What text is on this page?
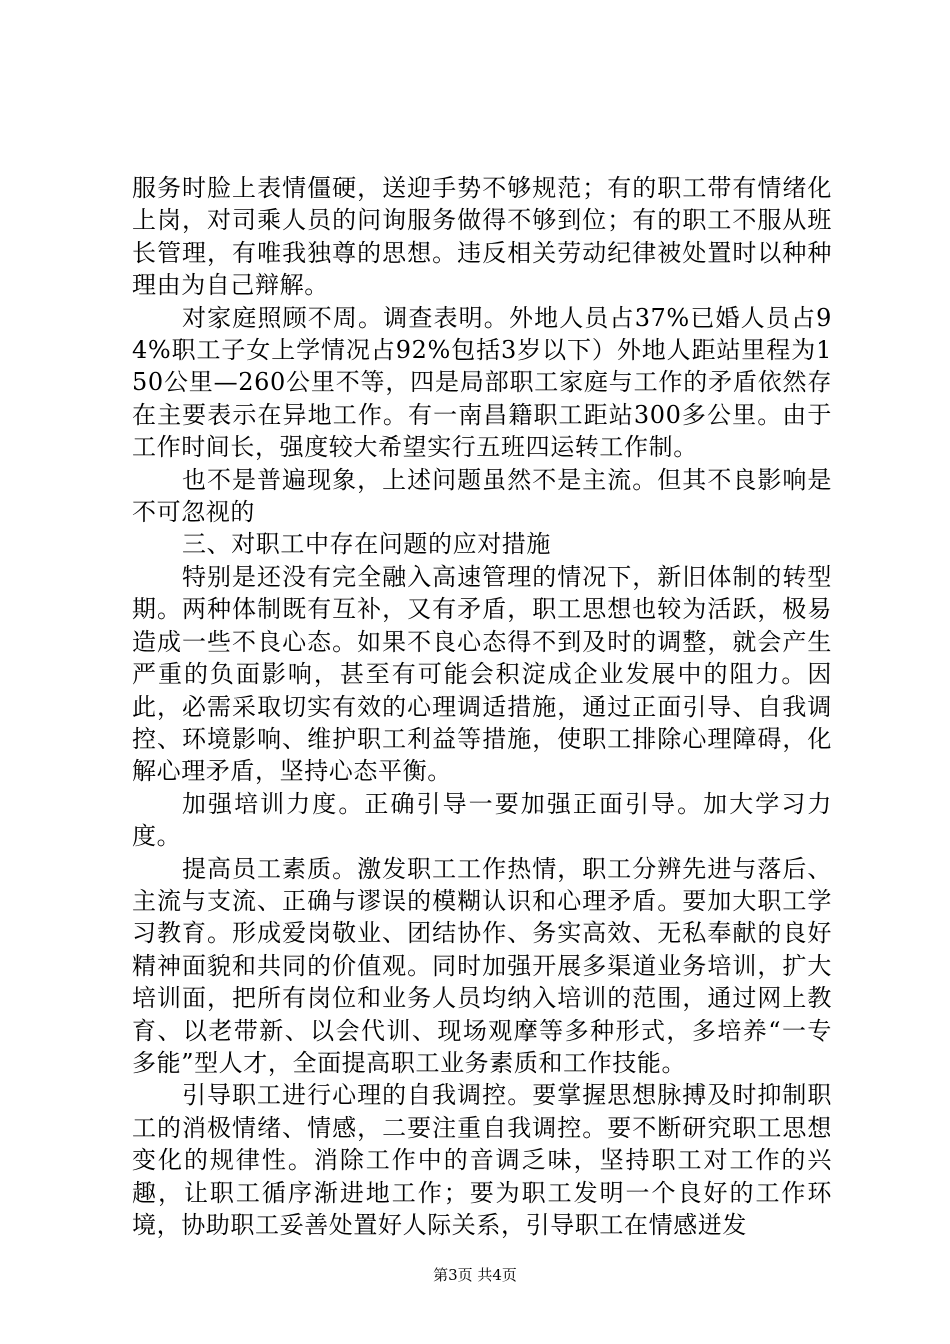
服务时脸上表情僵硬，送迎手势不够规范；有的职工带有情绪化上岗，对司乘人员的问询服务做得不够到位；有的职工不服从班长管理，有唯我独尊的思想。违反相关劳动纪律被处置时以种种理由为自己辩解。

对家庭照顾不周。调查表明。外地人员占37%已婚人员占94%职工子女上学情况占92%包括3岁以下）外地人距站里程为150公里—260公里不等，四是局部职工家庭与工作的矛盾依然存在主要表示在异地工作。有一南昌籍职工距站300多公里。由于工作时间长，强度较大希望实行五班四运转工作制。

也不是普遍现象，上述问题虽然不是主流。但其不良影响是不可忽视的

三、对职工中存在问题的应对措施

特别是还没有完全融入高速管理的情况下，新旧体制的转型期。两种体制既有互补，又有矛盾，职工思想也较为活跃，极易造成一些不良心态。如果不良心态得不到及时的调整，就会产生严重的负面影响，甚至有可能会积淀成企业发展中的阻力。因此，必需采取切实有效的心理调适措施，通过正面引导、自我调控、环境影响、维护职工利益等措施，使职工排除心理障碍，化解心理矛盾，坚持心态平衡。

加强培训力度。正确引导一要加强正面引导。加大学习力度。

提高员工素质。激发职工工作热情，职工分辨先进与落后、主流与支流、正确与谬误的模糊认识和心理矛盾。要加大职工学习教育。形成爱岗敬业、团结协作、务实高效、无私奉献的良好精神面貌和共同的价值观。同时加强开展多渠道业务培训，扩大培训面，把所有岗位和业务人员均纳入培训的范围，通过网上教育、以老带新、以会代训、现场观摩等多种形式，多培养“一专多能”型人才，全面提高职工业务素质和工作技能。

引导职工进行心理的自我调控。要掌握思想脉搏及时抑制职工的消极情绪、情感，二要注重自我调控。要不断研究职工思想变化的规律性。消除工作中的音调乏味，坚持职工对工作的兴趣，让职工循序渐进地工作；要为职工发明一个良好的工作环境，协助职工妥善处置好人际关系，引导职工在情感迸发

第3页 共4页
